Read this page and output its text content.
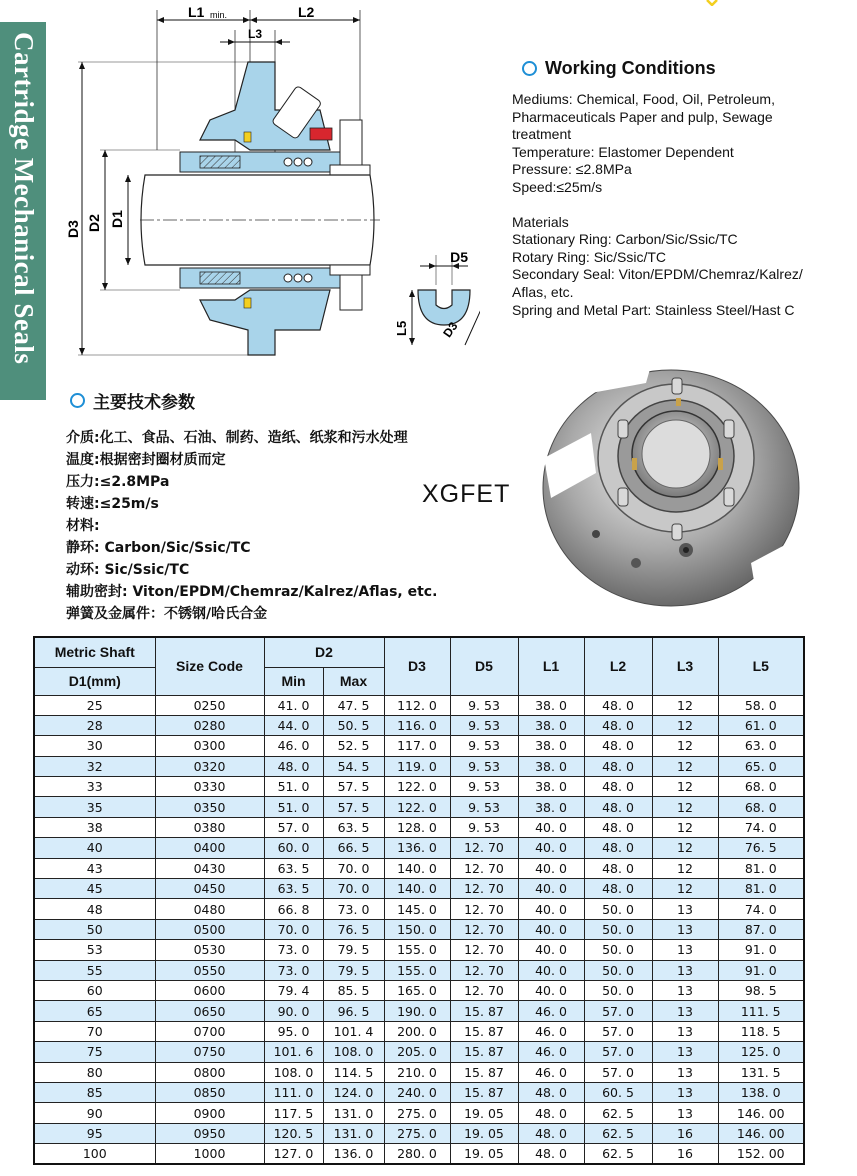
Cartridge Mechanical Seals
L1 min.	L2
L3
D3 D2 D1
D5
L5	D3
Working Conditions
Mediums: Chemical, Food, Oil, Petroleum,
Pharmaceuticals Paper and pulp, Sewage
treatment
Temperature: Elastomer Dependent
Pressure: ≤2.8MPa
Speed:≤25m/s
Materials
Stationary Ring: Carbon/Sic/Ssic/TC
Rotary Ring: Sic/Ssic/TC
Secondary Seal: Viton/EPDM/Chemraz/Kalrez/
Aflas, etc.
Spring and Metal Part: Stainless Steel/Hast C
主要技术参数
介质:化工、食品、石油、制药、造纸、纸浆和污水处理
温度:根据密封圈材质而定
压力:≤2.8MPa
转速:≤25m/s
材料:
静环: Carbon/Sic/Ssic/TC
动环: Sic/Ssic/TC
辅助密封: Viton/EPDM/Chemraz/Kalrez/Aflas, etc.
弹簧及金属件：不锈钢/哈氏合金
XGFET
Metric Shaft	Size Code	D2		D3	D5	L1	L2	L3	L5
D1(mm)		Min	Max						
25	0250	41. 0	47. 5	112. 0	9. 53	38. 0	48. 0	12	58. 0
28	0280	44. 0	50. 5	116. 0	9. 53	38. 0	48. 0	12	61. 0
30	0300	46. 0	52. 5	117. 0	9. 53	38. 0	48. 0	12	63. 0
32	0320	48. 0	54. 5	119. 0	9. 53	38. 0	48. 0	12	65. 0
33	0330	51. 0	57. 5	122. 0	9. 53	38. 0	48. 0	12	68. 0
35	0350	51. 0	57. 5	122. 0	9. 53	38. 0	48. 0	12	68. 0
38	0380	57. 0	63. 5	128. 0	9. 53	40. 0	48. 0	12	74. 0
40	0400	60. 0	66. 5	136. 0	12. 70	40. 0	48. 0	12	76. 5
43	0430	63. 5	70. 0	140. 0	12. 70	40. 0	48. 0	12	81. 0
45	0450	63. 5	70. 0	140. 0	12. 70	40. 0	48. 0	12	81. 0
48	0480	66. 8	73. 0	145. 0	12. 70	40. 0	50. 0	13	74. 0
50	0500	70. 0	76. 5	150. 0	12. 70	40. 0	50. 0	13	87. 0
53	0530	73. 0	79. 5	155. 0	12. 70	40. 0	50. 0	13	91. 0
55	0550	73. 0	79. 5	155. 0	12. 70	40. 0	50. 0	13	91. 0
60	0600	79. 4	85. 5	165. 0	12. 70	40. 0	50. 0	13	98. 5
65	0650	90. 0	96. 5	190. 0	15. 87	46. 0	57. 0	13	111. 5
70	0700	95. 0	101. 4	200. 0	15. 87	46. 0	57. 0	13	118. 5
75	0750	101. 6	108. 0	205. 0	15. 87	46. 0	57. 0	13	125. 0
80	0800	108. 0	114. 5	210. 0	15. 87	46. 0	57. 0	13	131. 5
85	0850	111. 0	124. 0	240. 0	15. 87	48. 0	60. 5	13	138. 0
90	0900	117. 5	131. 0	275. 0	19. 05	48. 0	62. 5	13	146. 00
95	0950	120. 5	131. 0	275. 0	19. 05	48. 0	62. 5	16	146. 00
100	1000	127. 0	136. 0	280. 0	19. 05	48. 0	62. 5	16	152. 00
